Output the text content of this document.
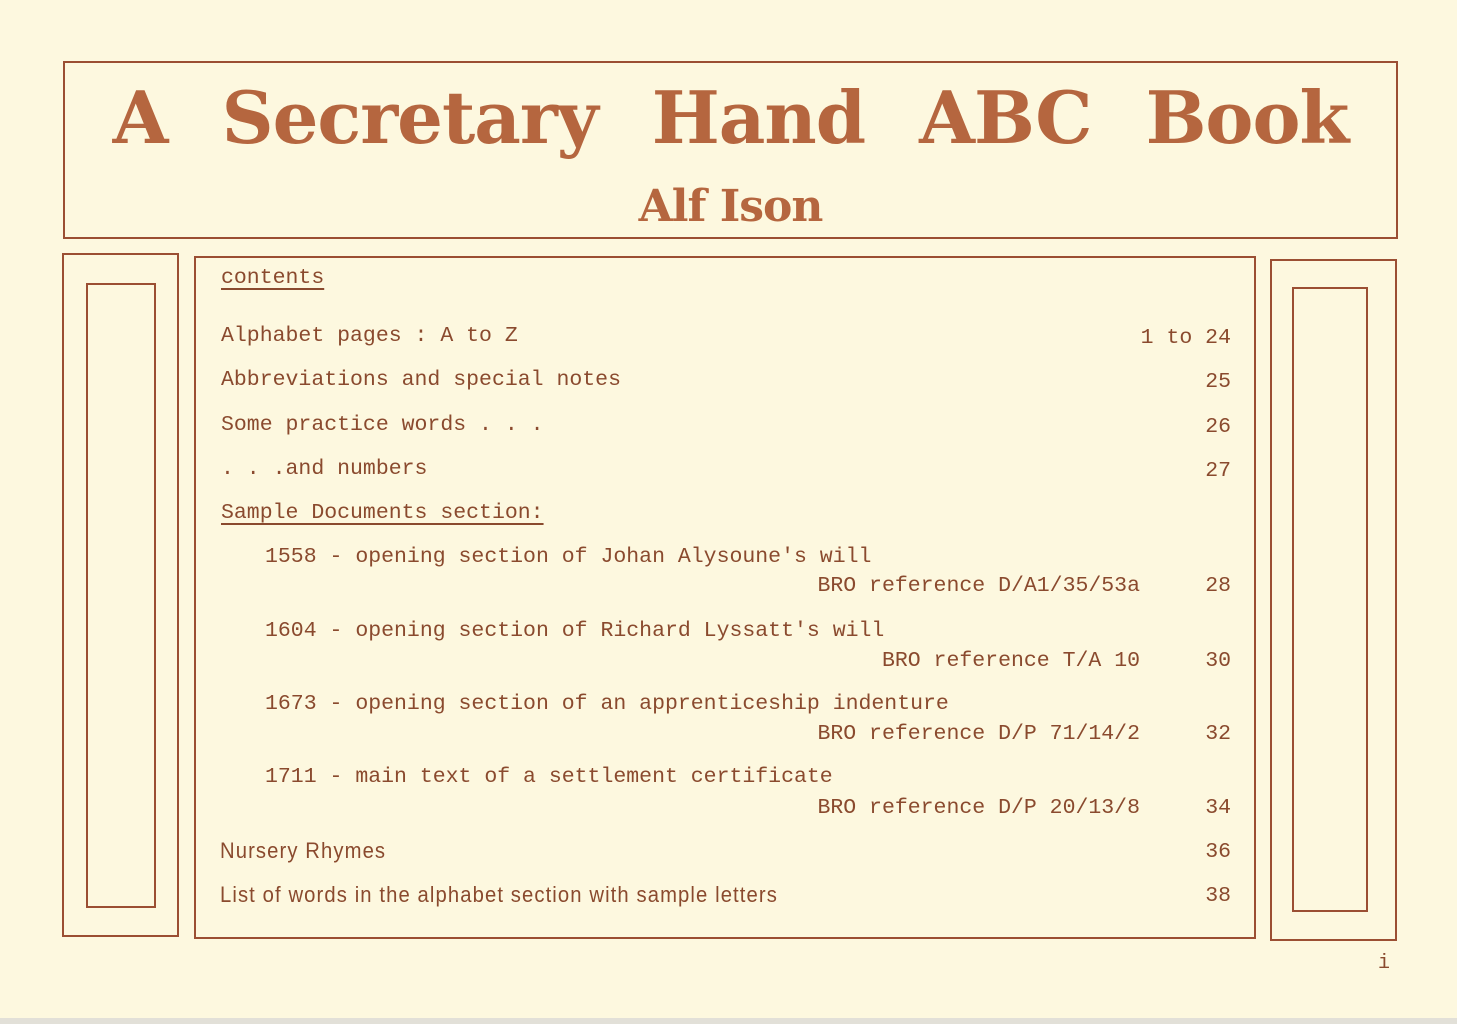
A Secretary Hand ABC Book
Alf Ison
contents
Alphabet pages : A to Z	1 to 24
Abbreviations and special notes	25
Some practice words . . .	26
. . .and numbers	27
Sample Documents section:
1558 - opening section of Johan Alysoune's will
BRO reference D/A1/35/53a	28
1604 - opening section of Richard Lyssatt's will
BRO reference T/A 10	30
1673 - opening section of an apprenticeship indenture
BRO reference D/P 71/14/2	32
1711 - main text of a settlement certificate
BRO reference D/P 20/13/8	34
Nursery Rhymes	36
List of words in the alphabet section with sample letters	38
i
